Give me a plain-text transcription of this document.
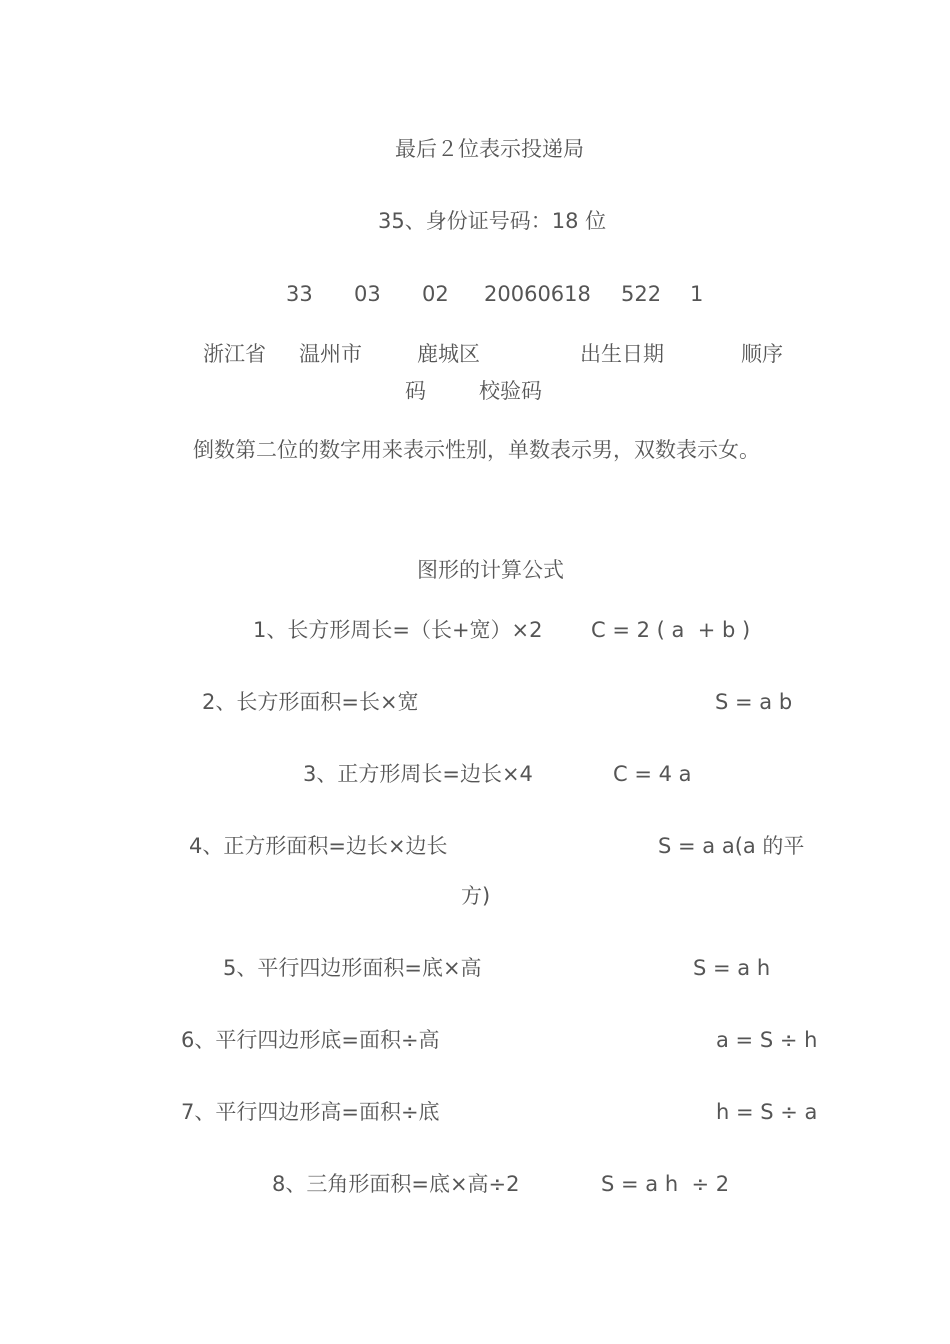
最后２位表示投递局
35、身份证号码：18 位
33 03 02 20060618 522 1
浙江省 温州市	鹿城区	出生日期	顺序
码	校验码
倒数第二位的数字用来表示性别，单数表示男，双数表示女。
图形的计算公式
1、长方形周长=（长+宽）×2 C = 2 ( a  + b )
2、长方形面积=长×宽	S = a b
3、正方形周长=边长×4	C = 4 a
4、正方形面积=边长×边长	S = a a(a 的平
方)
5、平行四边形面积=底×高	S = a h
6、平行四边形底=面积÷高	a = S ÷ h
7、平行四边形高=面积÷底	h = S ÷ a
8、三角形面积=底×高÷2	S = a h  ÷ 2
